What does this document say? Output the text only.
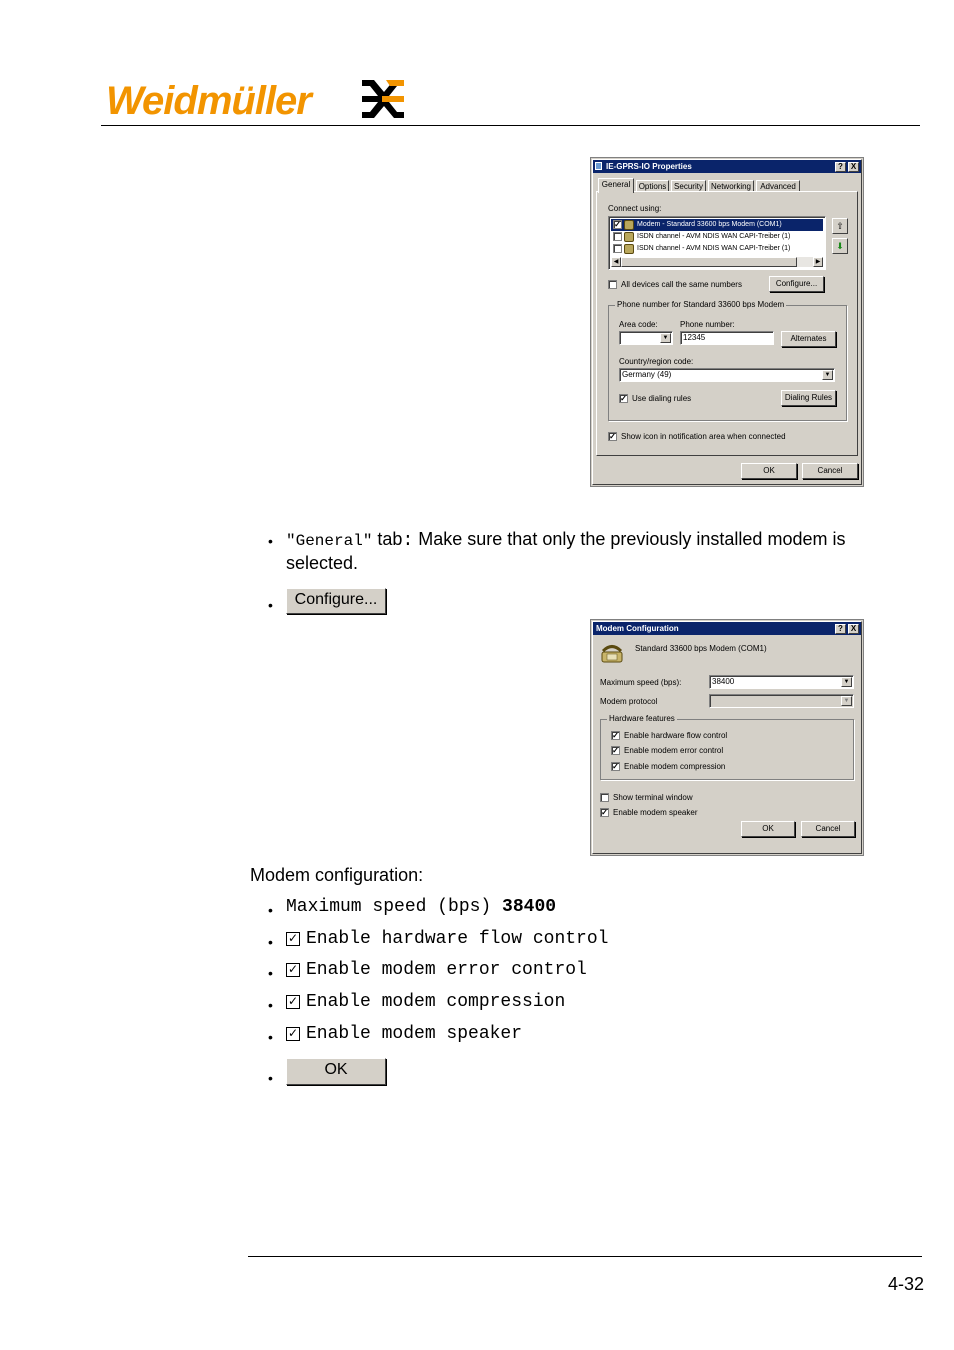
Weidmüller
IE-GPRS-IO Properties	? X
General	Options Security	Networking	Advanced
Connect using:
✓ Modem - Standard 33600 bps Modem (COM1)
ISDN channel - AVM NDIS WAN CAPI-Treiber (1)
ISDN channel - AVM NDIS WAN CAPI-Treiber (1)
◀	▶
⇧
⬇
All devices call the same numbers	Configure...
Phone number for Standard 33600 bps Modem
Area code:	Phone number:
▼	12345	Alternates
Country/region code:
Germany (49)	▼
✓ Use dialing rules	Dialing Rules
✓ Show icon in notification area when connected
OK	Cancel
• "General" tab: Make sure that only the previously installed modem is selected.
•	Configure...
Modem Configuration	? X
Standard 33600 bps Modem (COM1)
Maximum speed (bps):	38400	▼
Modem protocol	▼
Hardware features
✓ Enable hardware flow control
✓ Enable modem error control
✓ Enable modem compression
Show terminal window
✓ Enable modem speaker
OK	Cancel
Modem configuration:
• Maximum speed (bps) 38400
• ✓ Enable hardware flow control
• ✓ Enable modem error control
• ✓ Enable modem compression
• ✓ Enable modem speaker
•	OK
4-32
